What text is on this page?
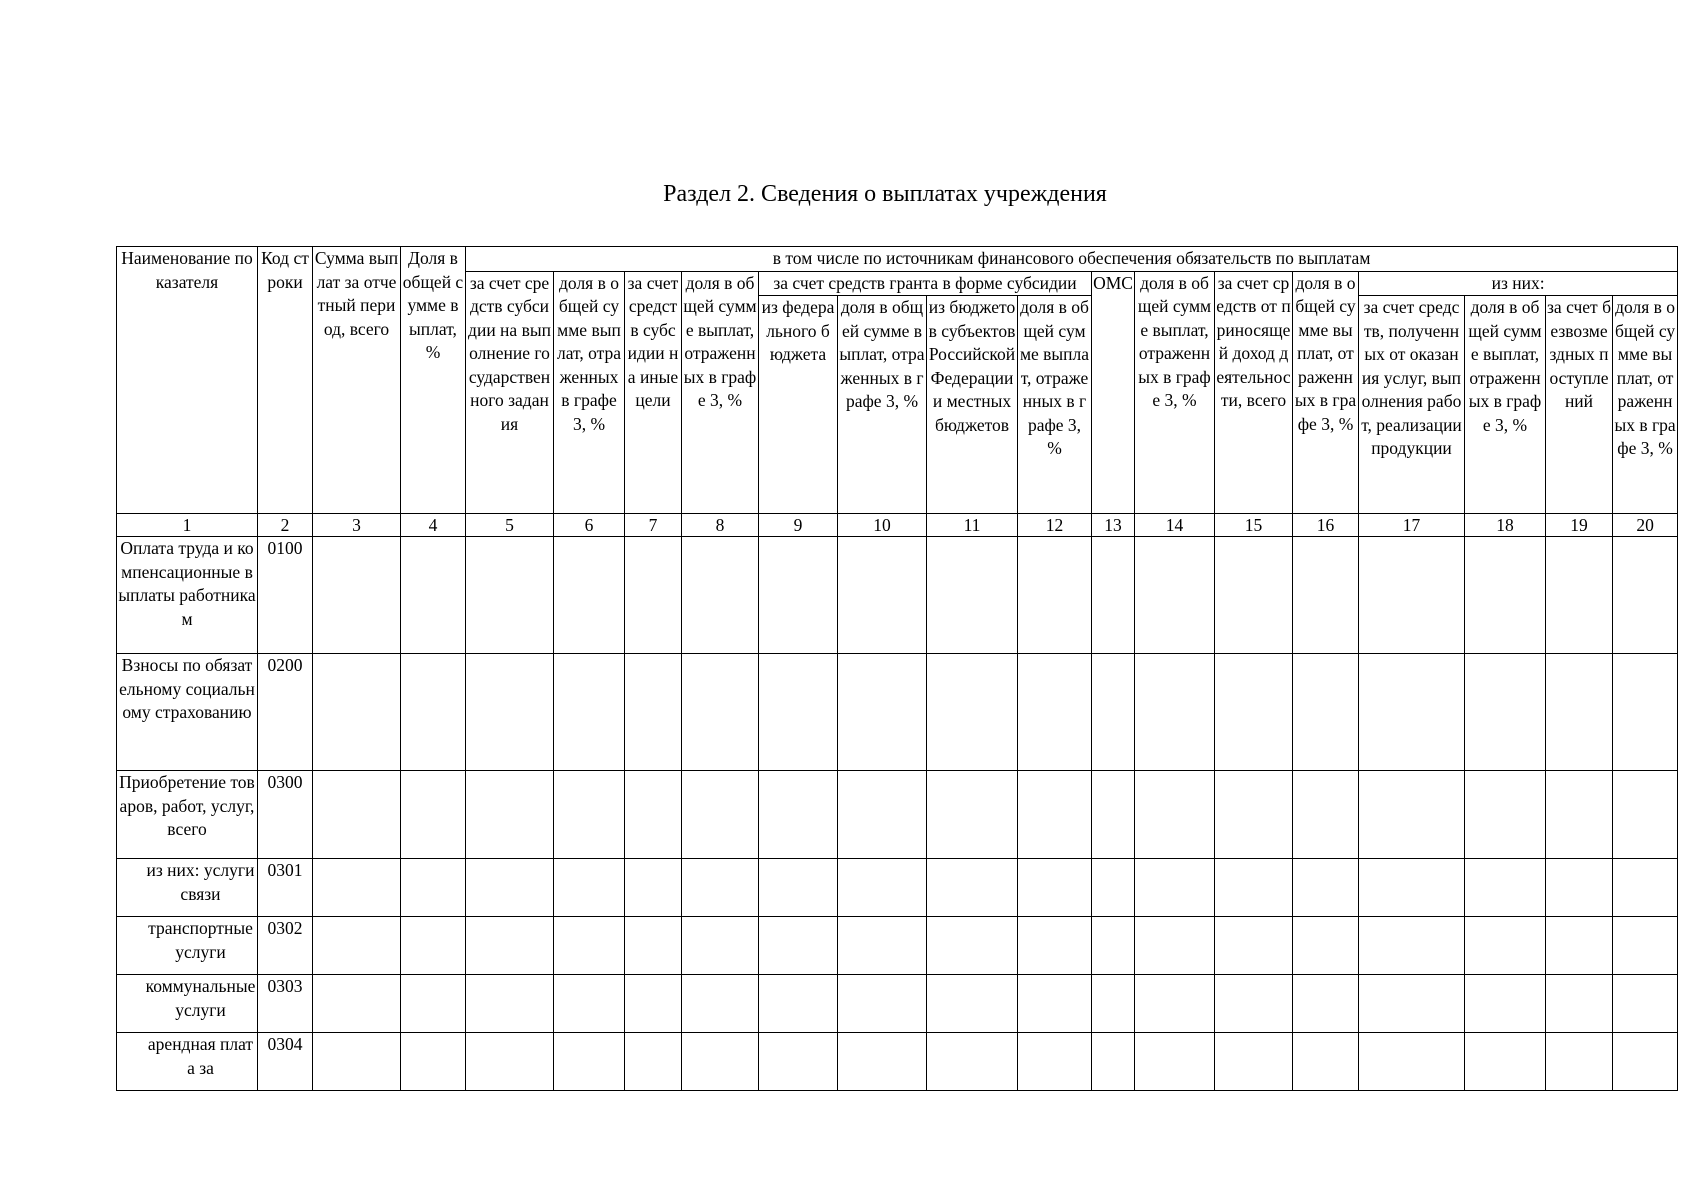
Раздел 2. Сведения о выплатах учреждения
Наименование показателя	Код строки	Сумма выплат за отчетный период, всего	Доля в общей сумме выплат, %	в том числе по источникам финансового обеспечения обязательств по выплатам															
				за счет средств субсидии на выполнение государственного задания	доля в общей сумме выплат, отраженных в графе 3, %	за счет средств субсидии на иные цели	доля в общей сумме выплат, отраженных в графе 3, %	за счет средств гранта в форме субсидии				ОМС	доля в общей сумме выплат, отраженных в графе 3, %	за счет средств от приносящей доход деятельности, всего	доля в общей сумме выплат, отраженных в графе 3, %	из них:			

								из федерального бюджета	доля в общей сумме выплат, отраженных в графе 3, %	из бюджетов субъектов Российской Федерации и местных бюджетов	доля в общей сумме выплат, отраженных в графе 3, %					за счет средств, полученных от оказания услуг, выполнения работ, реализации продукции	доля в общей сумме выплат, отраженных в графе 3, %	за счет безвозмездных поступлений	доля в общей сумме выплат, отраженных в графе 3, %
1	2	3	4	5	6	7	8	9	10	11	12	13	14	15	16	17	18	19	20
Оплата труда и компенсационные выплаты работникам	0100																		
Взносы по обязательному социальному страхованию	0200																		
Приобретение товаров, работ, услуг, всего	0300																		
из них: услуги связи	0301																		
транспортные услуги	0302																		
коммунальные услуги	0303																		
арендная плата за	0304																		
